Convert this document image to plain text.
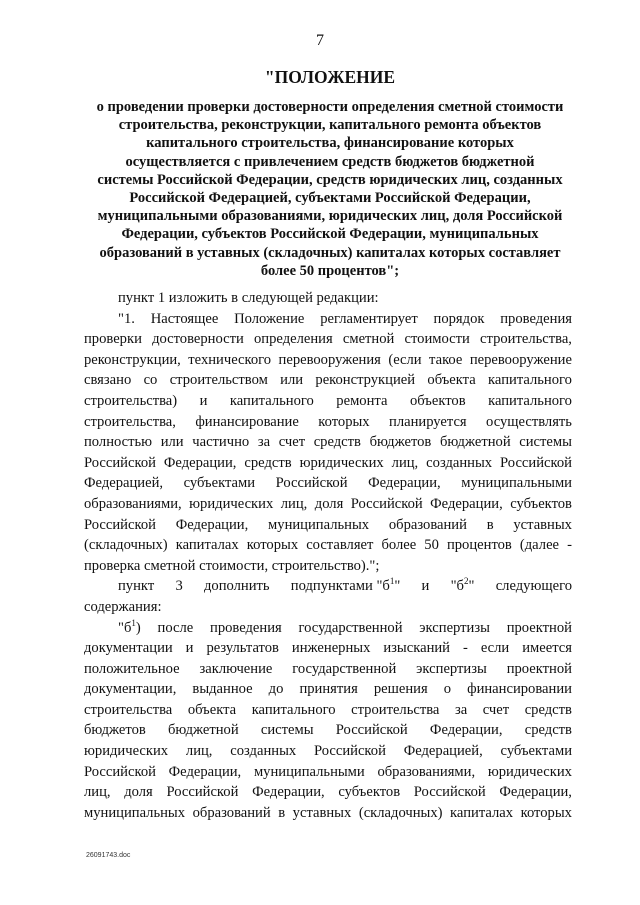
7
"ПОЛОЖЕНИЕ
о проведении проверки достоверности определения сметной стоимости
строительства, реконструкции, капитального ремонта объектов
капитального строительства, финансирование которых
осуществляется с привлечением средств бюджетов бюджетной
системы Российской Федерации, средств юридических лиц, созданных
Российской Федерацией, субъектами Российской Федерации,
муниципальными образованиями, юридических лиц, доля Российской
Федерации, субъектов Российской Федерации, муниципальных
образований в уставных (складочных) капиталах которых составляет
более 50 процентов";

пункт 1 изложить в следующей редакции:

"1. Настоящее Положение регламентирует порядок проведения
проверки достоверности определения сметной стоимости строительства,
реконструкции, технического перевооружения (если такое перевооружение
связано со строительством или реконструкцией объекта капитального
строительства) и капитального ремонта объектов капитального
строительства, финансирование которых планируется осуществлять
полностью или частично за счет средств бюджетов бюджетной системы
Российской Федерации, средств юридических лиц, созданных Российской
Федерацией, субъектами Российской Федерации, муниципальными
образованиями, юридических лиц, доля Российской Федерации, субъектов
Российской Федерации, муниципальных образований в уставных
(складочных) капиталах которых составляет более 50 процентов (далее -
проверка сметной стоимости, строительство).";
пункт 3 дополнить подпунктами "$б^1$" и "$б^2$" следующего
содержания:
"$б^1$) после проведения государственной экспертизы проектной
документации и результатов инженерных изысканий - если имеется
положительное заключение государственной экспертизы проектной
документации, выданное до принятия решения о финансировании
строительства объекта капитального строительства за счет средств
бюджетов бюджетной системы Российской Федерации, средств
юридических лиц, созданных Российской Федерацией, субъектами
Российской Федерации, муниципальными образованиями, юридических
лиц, доля Российской Федерации, субъектов Российской Федерации,
муниципальных образований в уставных (складочных) капиталах которых
26091743.doc
